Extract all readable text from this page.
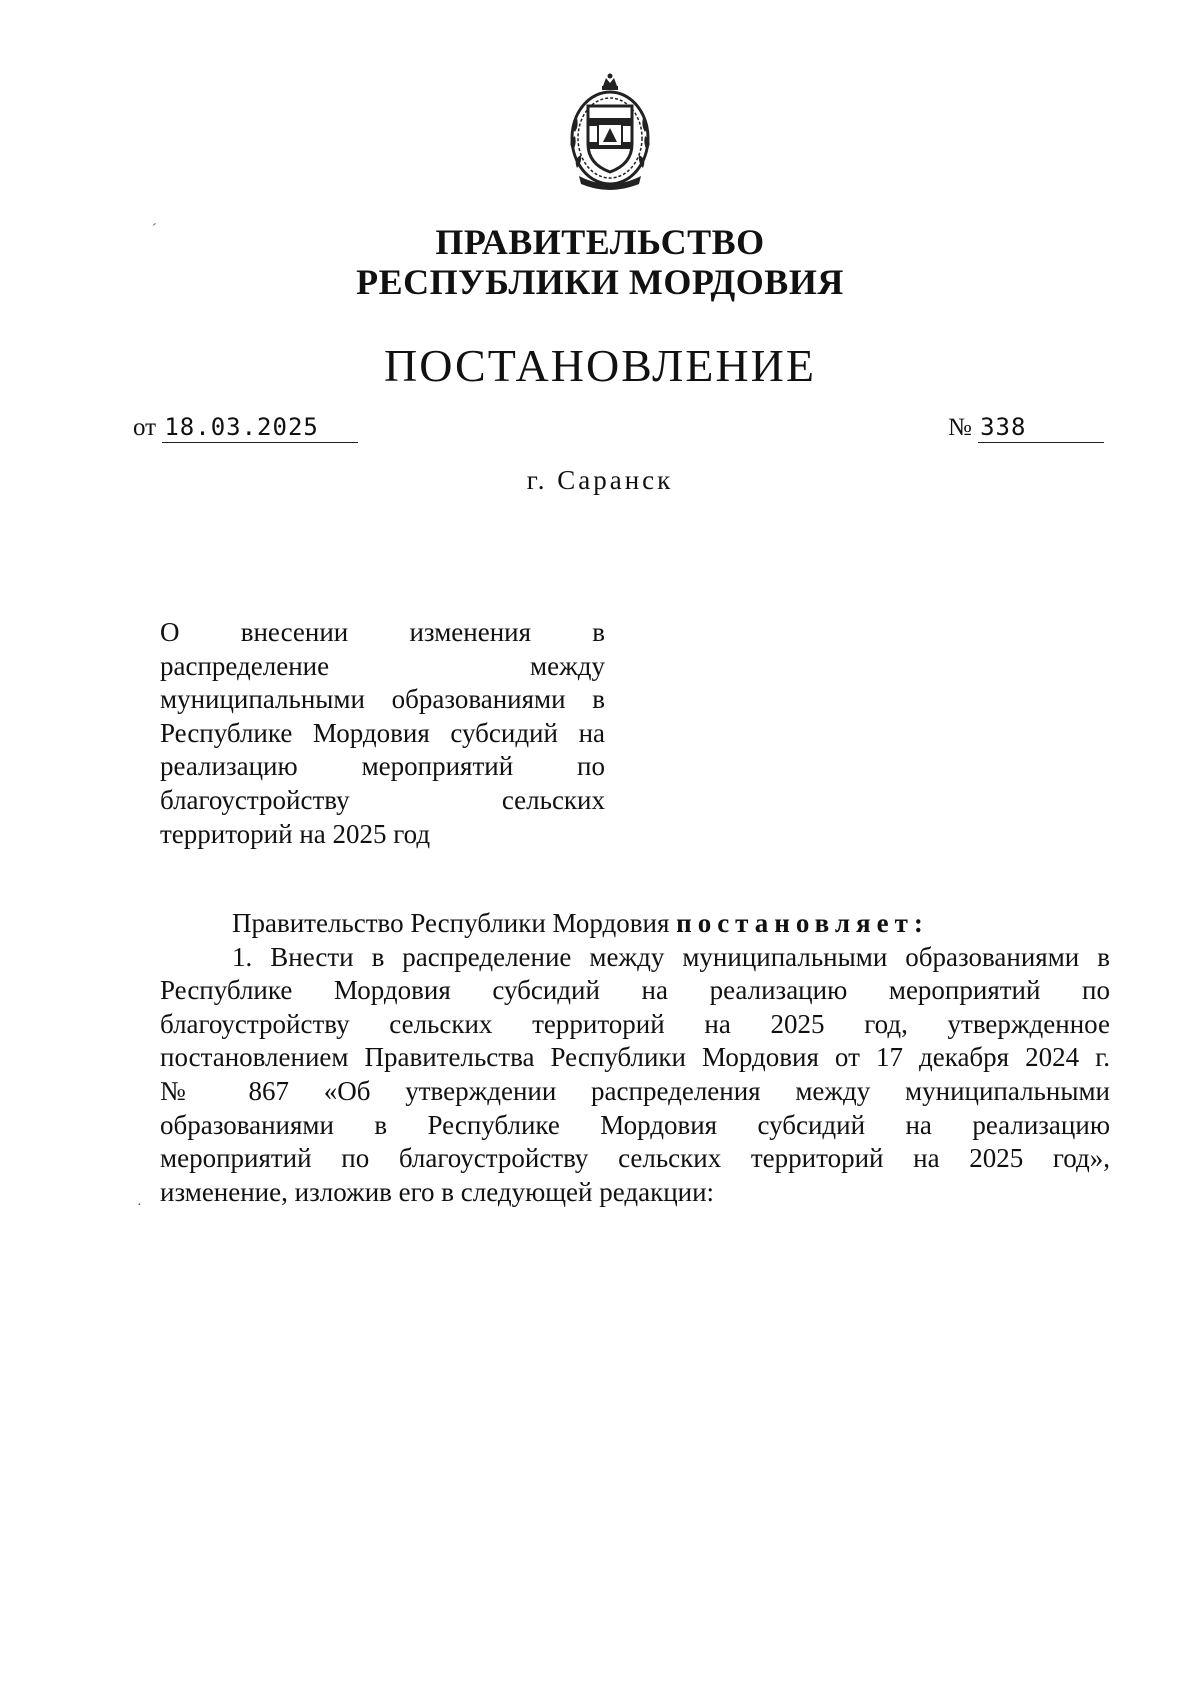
ПРАВИТЕЛЬСТВО
РЕСПУБЛИКИ МОРДОВИЯ
ПОСТАНОВЛЕНИЕ
от 18.03.2025	№ 338
г. Саранск
О внесении изменения в
распределение между
муниципальными образованиями в
Республике Мордовия субсидий на
реализацию мероприятий по
благоустройству сельских
территорий на 2025 год
Правительство Республики Мордовия постановляет:
1. Внести в распределение между муниципальными образованиями в
Республике Мордовия субсидий на реализацию мероприятий по
благоустройству сельских территорий на 2025 год, утвержденное
постановлением Правительства Республики Мордовия от 17 декабря 2024 г.
№ 867 «Об утверждении распределения между муниципальными
образованиями в Республике Мордовия субсидий на реализацию
мероприятий по благоустройству сельских территорий на 2025 год»,
изменение, изложив его в следующей редакции:
´
·
